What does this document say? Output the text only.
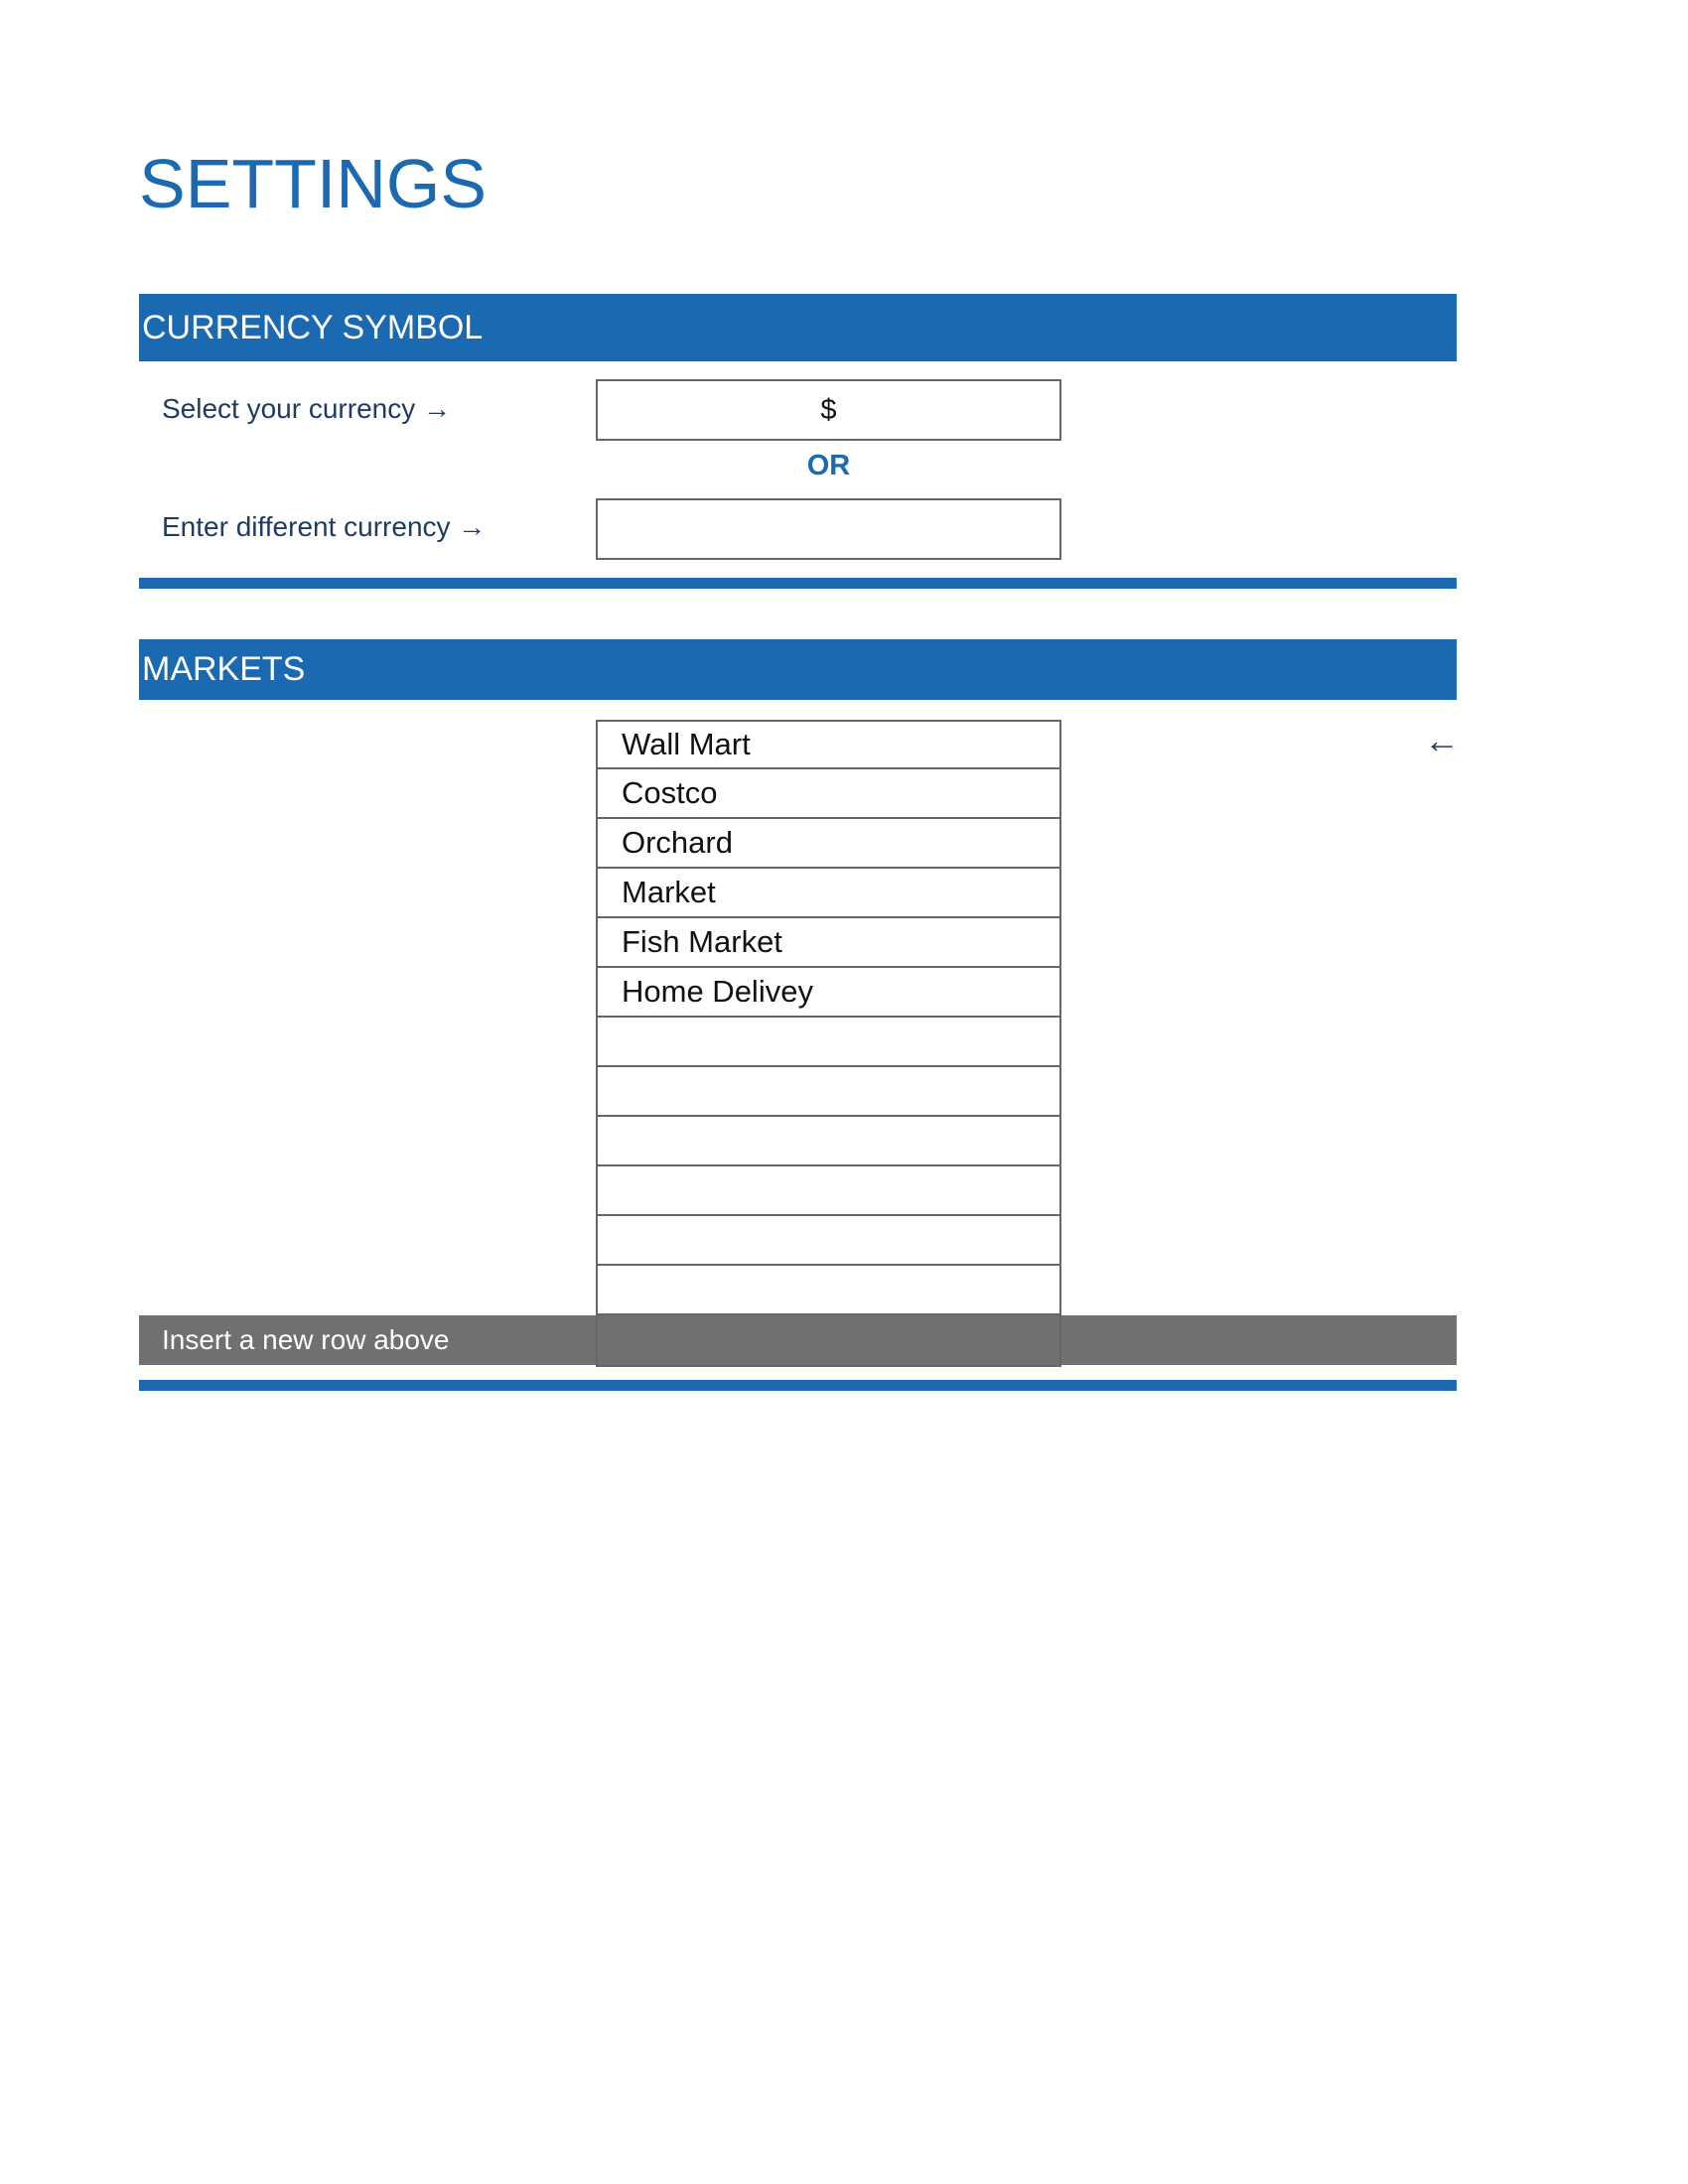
SETTINGS
CURRENCY SYMBOL
Select your currency →	$
OR
Enter different currency →
MARKETS
Wall Mart
Costco
Orchard
Market
Fish Market
Home Delivey
←
Insert a new row above
